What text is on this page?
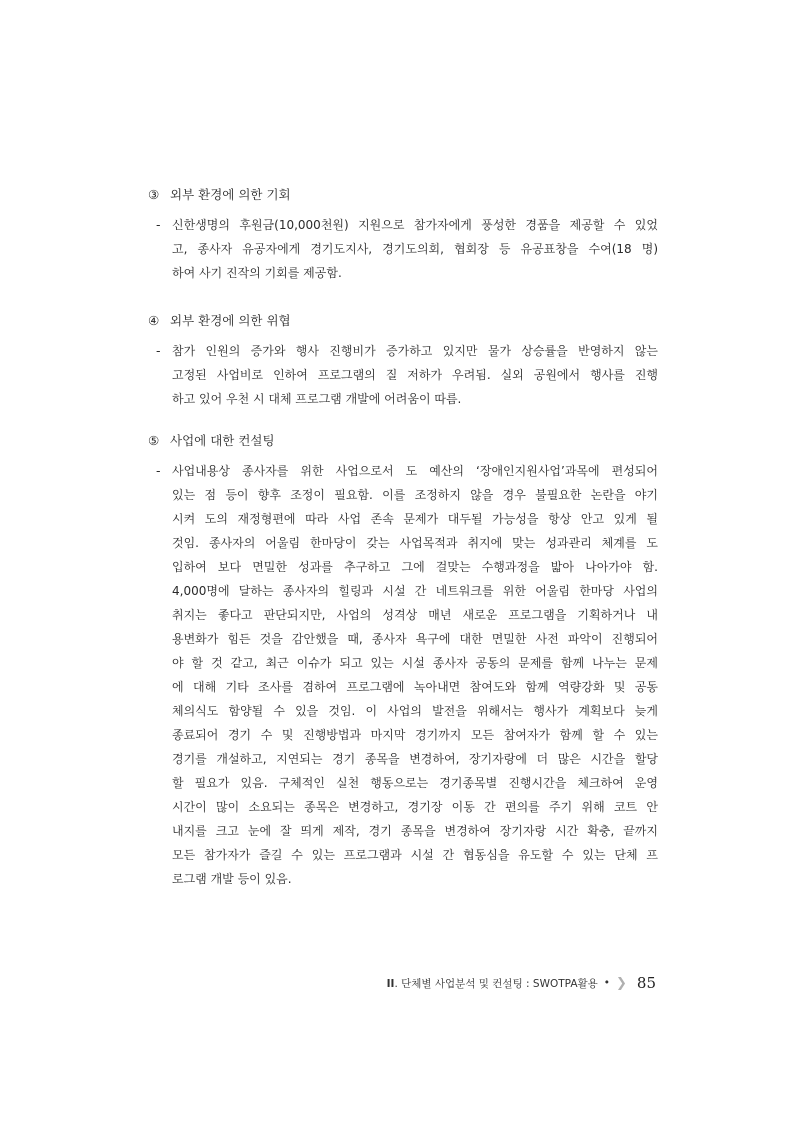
③ 외부 환경에 의한 기회
- 신한생명의 후원금(10,000천원) 지원으로 참가자에게 풍성한 경품을 제공할 수 있었
고, 종사자 유공자에게 경기도지사, 경기도의회, 협회장 등 유공표창을 수여(18 명)
하여 사기 진작의 기회를 제공함.
④ 외부 환경에 의한 위협
- 참가 인원의 증가와 행사 진행비가 증가하고 있지만 물가 상승률을 반영하지 않는
고정된 사업비로 인하여 프로그램의 질 저하가 우려됨. 실외 공원에서 행사를 진행
하고 있어 우천 시 대체 프로그램 개발에 어려움이 따름.
⑤ 사업에 대한 컨설팅
- 사업내용상 종사자를 위한 사업으로서 도 예산의 ‘장애인지원사업’과목에 편성되어
있는 점 등이 향후 조정이 필요함. 이를 조정하지 않을 경우 불필요한 논란을 야기
시켜 도의 재정형편에 따라 사업 존속 문제가 대두될 가능성을 항상 안고 있게 될
것임. 종사자의 어울림 한마당이 갖는 사업목적과 취지에 맞는 성과관리 체계를 도
입하여 보다 면밀한 성과를 추구하고 그에 걸맞는 수행과정을 밟아 나아가야 함.
4,000명에 달하는 종사자의 힐링과 시설 간 네트워크를 위한 어울림 한마당 사업의
취지는 좋다고 판단되지만, 사업의 성격상 매년 새로운 프로그램을 기획하거나 내
용변화가 힘든 것을 감안했을 때, 종사자 욕구에 대한 면밀한 사전 파악이 진행되어
야 할 것 같고, 최근 이슈가 되고 있는 시설 종사자 공동의 문제를 함께 나누는 문제
에 대해 기타 조사를 겸하여 프로그램에 녹아내면 참여도와 함께 역량강화 및 공동
체의식도 함양될 수 있을 것임. 이 사업의 발전을 위해서는 행사가 계획보다 늦게
종료되어 경기 수 및 진행방법과 마지막 경기까지 모든 참여자가 함께 할 수 있는
경기를 개설하고, 지연되는 경기 종목을 변경하여, 장기자랑에 더 많은 시간을 할당
할 필요가 있음. 구체적인 실천 행동으로는 경기종목별 진행시간을 체크하여 운영
시간이 많이 소요되는 종목은 변경하고, 경기장 이동 간 편의를 주기 위해 코트 안
내지를 크고 눈에 잘 띄게 제작, 경기 종목을 변경하여 장기자랑 시간 확충, 끝까지
모든 참가자가 즐길 수 있는 프로그램과 시설 간 협동심을 유도할 수 있는 단체 프
로그램 개발 등이 있음.
II. 단체별 사업분석 및 컨설팅 : SWOTPA활용 • ❯ 85
